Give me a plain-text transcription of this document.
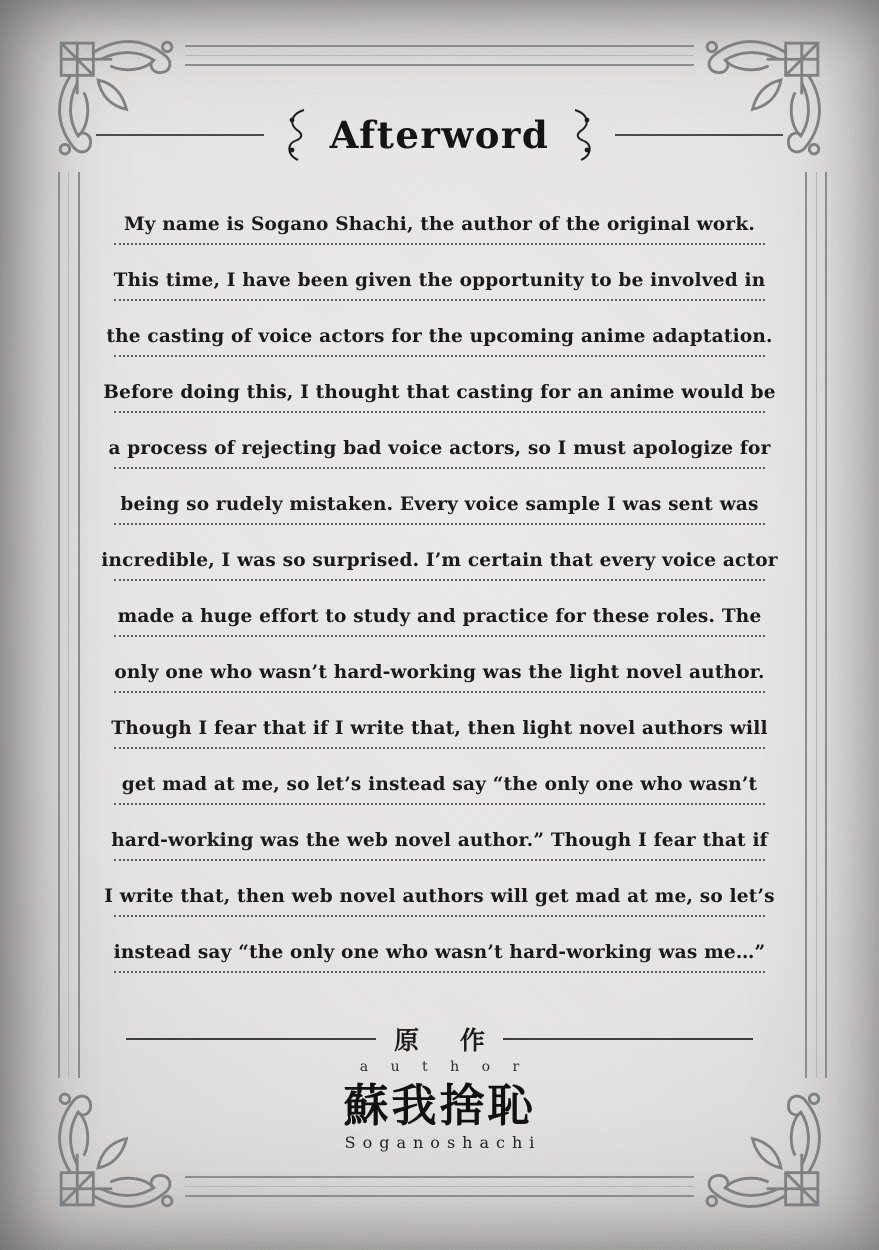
Afterword
My name is Sogano Shachi, the author of the original work.
This time, I have been given the opportunity to be involved in
the casting of voice actors for the upcoming anime adaptation.
Before doing this, I thought that casting for an anime would be
a process of rejecting bad voice actors, so I must apologize for
being so rudely mistaken. Every voice sample I was sent was
incredible, I was so surprised. I’m certain that every voice actor
made a huge effort to study and practice for these roles. The
only one who wasn’t hard-working was the light novel author.
Though I fear that if I write that, then light novel authors will
get mad at me, so let’s instead say “the only one who wasn’t
hard-working was the web novel author.” Though I fear that if
I write that, then web novel authors will get mad at me, so let’s
instead say “the only one who wasn’t hard-working was me…”
原 作
a u t h o r
蘇我捨恥
Soganoshachi
